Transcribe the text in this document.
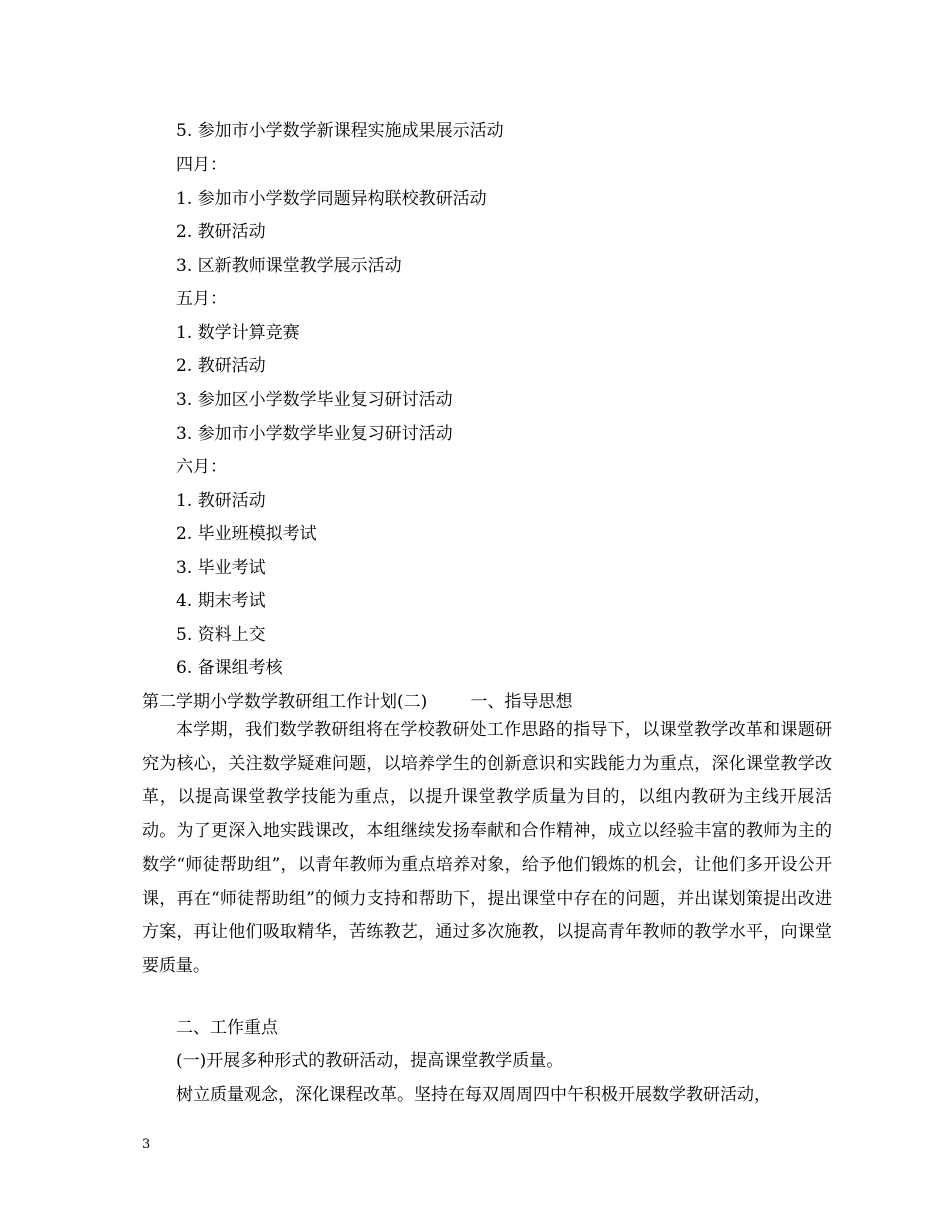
5. 参加市小学数学新课程实施成果展示活动
四月：
1. 参加市小学数学同题异构联校教研活动
2. 教研活动
3. 区新教师课堂教学展示活动
五月：
1. 数学计算竞赛
2. 教研活动
3. 参加区小学数学毕业复习研讨活动
3. 参加市小学数学毕业复习研讨活动
六月：
1. 教研活动
2. 毕业班模拟考试
3. 毕业考试
4. 期末考试
5. 资料上交
6. 备课组考核
第二学期小学数学教研组工作计划(二)        一、指导思想
本学期，我们数学教研组将在学校教研处工作思路的指导下，以课堂教学改革和课题研究为核心，关注数学疑难问题，以培养学生的创新意识和实践能力为重点，深化课堂教学改革，以提高课堂教学技能为重点，以提升课堂教学质量为目的，以组内教研为主线开展活动。为了更深入地实践课改，本组继续发扬奉献和合作精神，成立以经验丰富的教师为主的数学“师徒帮助组”，以青年教师为重点培养对象，给予他们锻炼的机会，让他们多开设公开课，再在“师徒帮助组”的倾力支持和帮助下，提出课堂中存在的问题，并出谋划策提出改进方案，再让他们吸取精华，苦练教艺，通过多次施教，以提高青年教师的教学水平，向课堂要质量。
二、工作重点
(一)开展多种形式的教研活动，提高课堂教学质量。
树立质量观念，深化课程改革。坚持在每双周周四中午积极开展数学教研活动，
3
